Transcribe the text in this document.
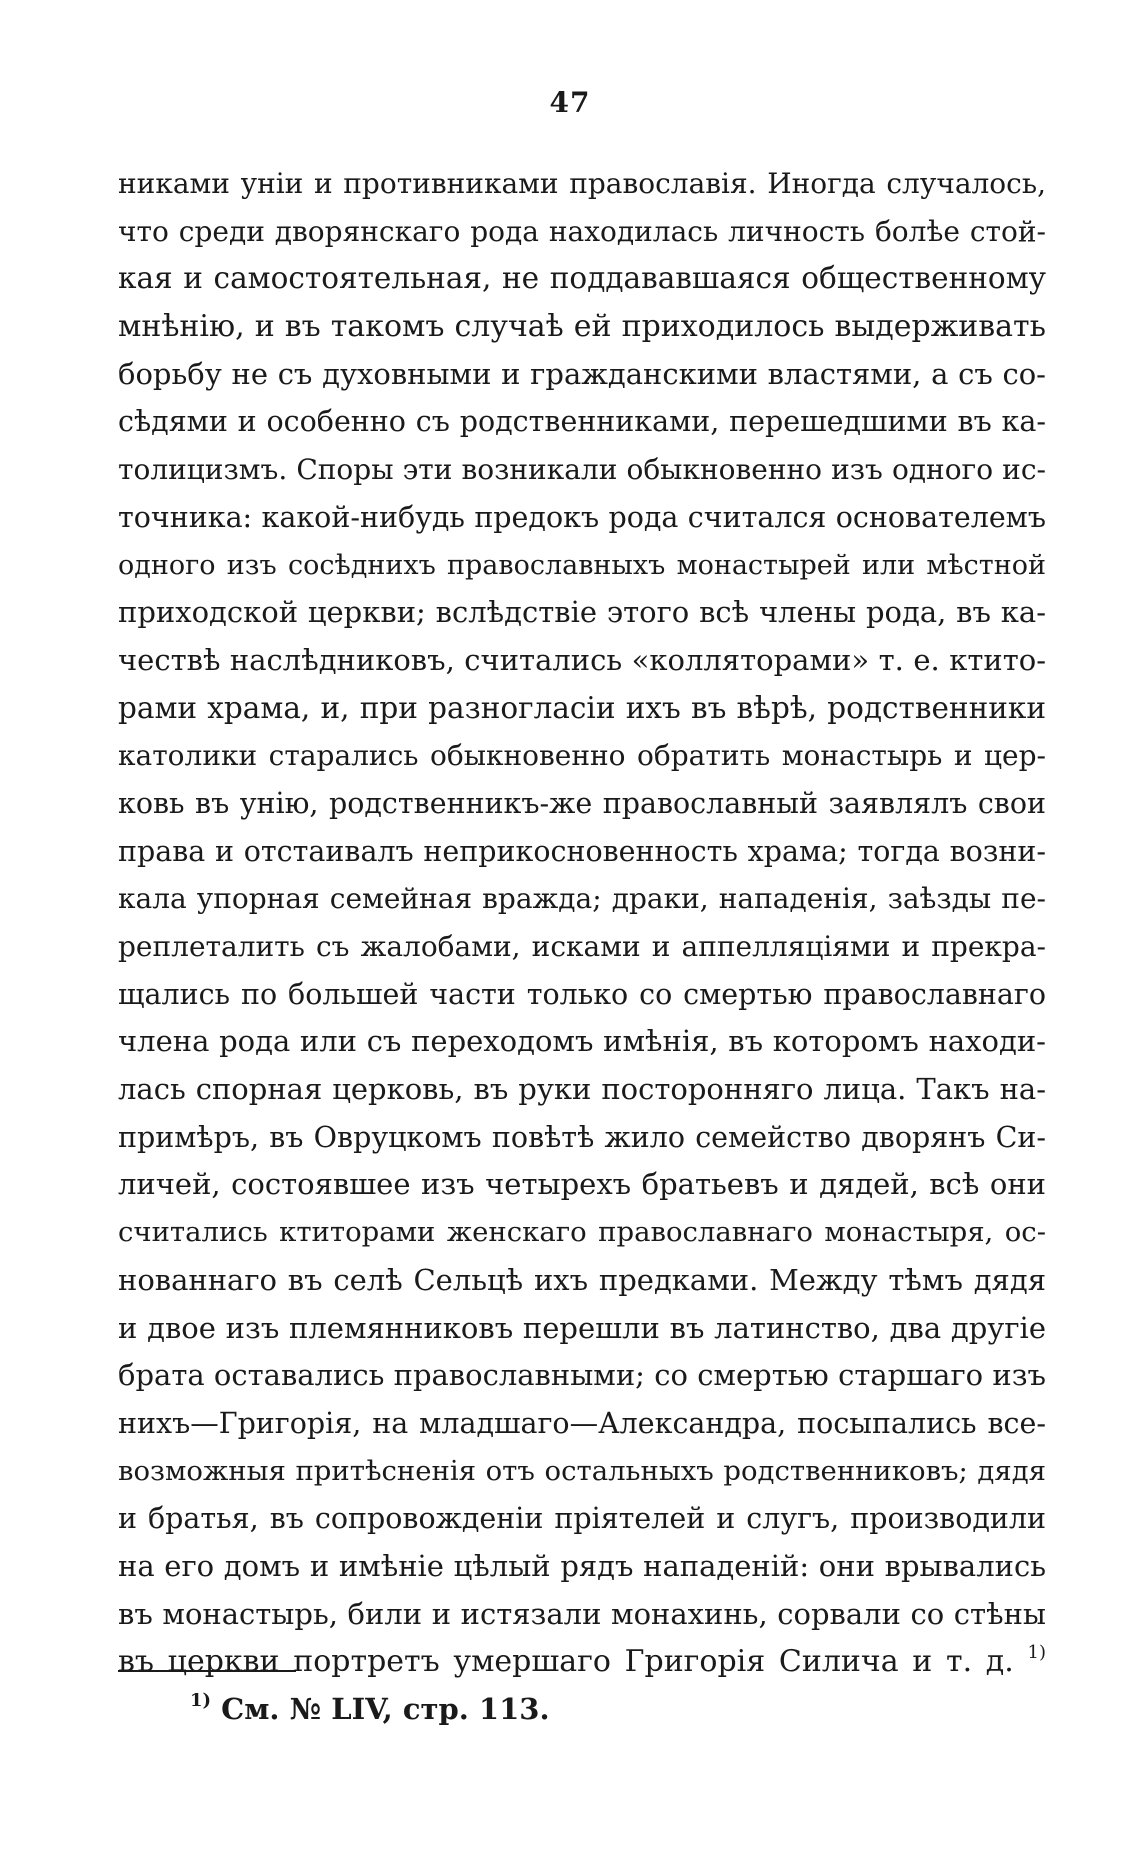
47
никами уніи и противниками православія. Иногда случалось,
что среди дворянскаго рода находилась личность болѣе стой-
кая и самостоятельная, не поддававшаяся общественному
мнѣнію, и въ такомъ случаѣ ей приходилось выдерживать
борьбу не съ духовными и гражданскими властями, а съ со-
сѣдями и особенно съ родственниками, перешедшими въ ка-
толицизмъ. Споры эти возникали обыкновенно изъ одного ис-
точника: какой-нибудь предокъ рода считался основателемъ
одного изъ сосѣднихъ православныхъ монастырей или мѣстной
приходской церкви; вслѣдствіе этого всѣ члены рода, въ ка-
чествѣ наслѣдниковъ, считались «колляторами» т. е. ктито-
рами храма, и, при разногласіи ихъ въ вѣрѣ, родственники
католики старались обыкновенно обратить монастырь и цер-
ковь въ унію, родственникъ-же православный заявлялъ свои
права и отстаивалъ неприкосновенность храма; тогда возни-
кала упорная семейная вражда; драки, нападенія, заѣзды пе-
реплеталить съ жалобами, исками и аппелляціями и прекра-
щались по большей части только со смертью православнаго
члена рода или съ переходомъ имѣнія, въ которомъ находи-
лась спорная церковь, въ руки посторонняго лица. Такъ на-
примѣръ, въ Овруцкомъ повѣтѣ жило семейство дворянъ Си-
личей, состоявшее изъ четырехъ братьевъ и дядей, всѣ они
считались ктиторами женскаго православнаго монастыря, ос-
нованнаго въ селѣ Сельцѣ ихъ предками. Между тѣмъ дядя
и двое изъ племянниковъ перешли въ латинство, два другіе
брата оставались православными; со смертью старшаго изъ
нихъ—Григорія, на младшаго—Александра, посыпались все-
возможныя притѣсненія отъ остальныхъ родственниковъ; дядя
и братья, въ сопровожденіи пріятелей и слугъ, производили
на его домъ и имѣніе цѣлый рядъ нападеній: они врывались
въ монастырь, били и истязали монахинь, сорвали со стѣны
въ церкви портретъ умершаго Григорія Силича и т. д. $^{1)}$
$^{1)}$ См. № LIV, стр. 113.
